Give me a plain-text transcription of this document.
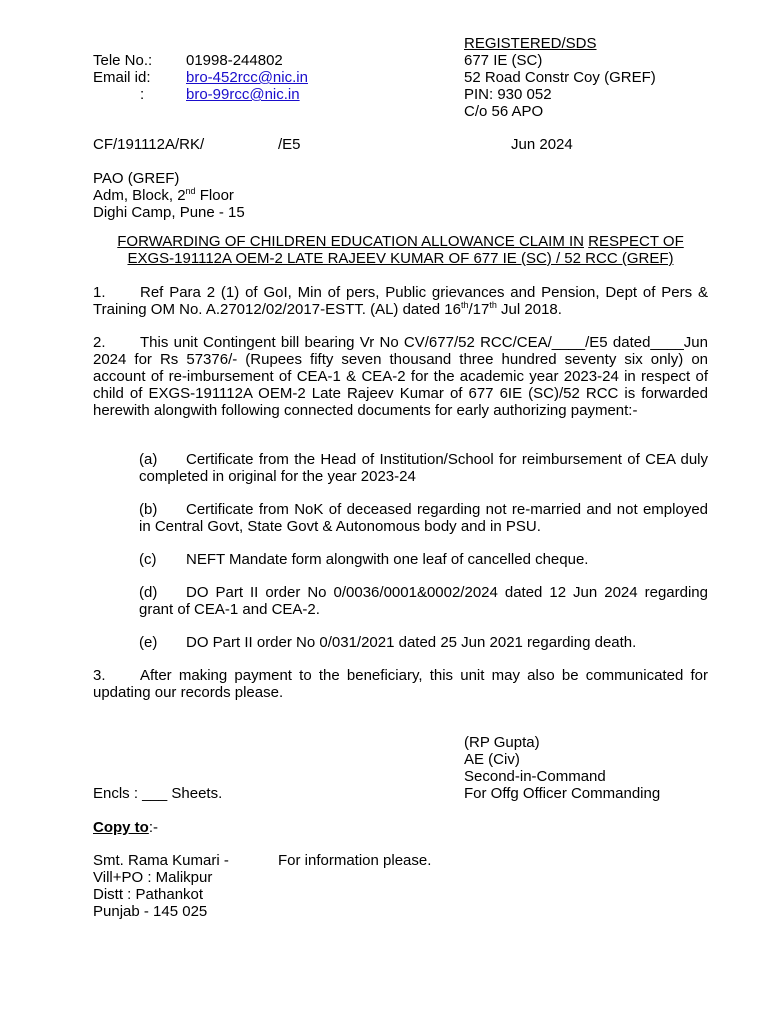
REGISTERED/SDS
677 IE (SC)
52 Road Constr Coy (GREF)
PIN: 930 052
C/o 56 APO
Tele No.: 01998-244802
Email id: bro-452rcc@nic.in
:	bro-99rcc@nic.in
CF/191112A/RK/	/E5	Jun 2024
PAO (GREF)
Adm, Block, 2nd Floor
Dighi Camp, Pune - 15
FORWARDING OF CHILDREN EDUCATION ALLOWANCE CLAIM IN RESPECT OF
EXGS-191112A OEM-2 LATE RAJEEV KUMAR OF 677 IE (SC) / 52 RCC (GREF)
1. Ref Para 2 (1) of GoI, Min of pers, Public grievances and Pension, Dept of Pers & Training OM No. A.27012/02/2017-ESTT. (AL) dated 16th/17th Jul 2018.
2. This unit Contingent bill bearing Vr No CV/677/52 RCC/CEA/____/E5 dated____Jun 2024 for Rs 57376/- (Rupees fifty seven thousand three hundred seventy six only) on account of re-imbursement of CEA-1 & CEA-2 for the academic year 2023-24 in respect of child of EXGS-191112A OEM-2 Late Rajeev Kumar of 677 6IE (SC)/52 RCC is forwarded herewith alongwith following connected documents for early authorizing payment:-
(a) Certificate from the Head of Institution/School for reimbursement of CEA duly completed in original for the year 2023-24
(b) Certificate from NoK of deceased regarding not re-married and not employed in Central Govt, State Govt & Autonomous body and in PSU.
(c) NEFT Mandate form alongwith one leaf of cancelled cheque.
(d) DO Part II order No 0/0036/0001&0002/2024 dated 12 Jun 2024 regarding grant of CEA-1 and CEA-2.
(e) DO Part II order No 0/031/2021 dated 25 Jun 2021 regarding death.
3. After making payment to the beneficiary, this unit may also be communicated for updating our records please.
(RP Gupta)
AE (Civ)
Second-in-Command
For Offg Officer Commanding
Encls : ___ Sheets.
Copy to:-
Smt. Rama Kumari -
Vill+PO : Malikpur
Distt : Pathankot
Punjab - 145 025
For information please.
